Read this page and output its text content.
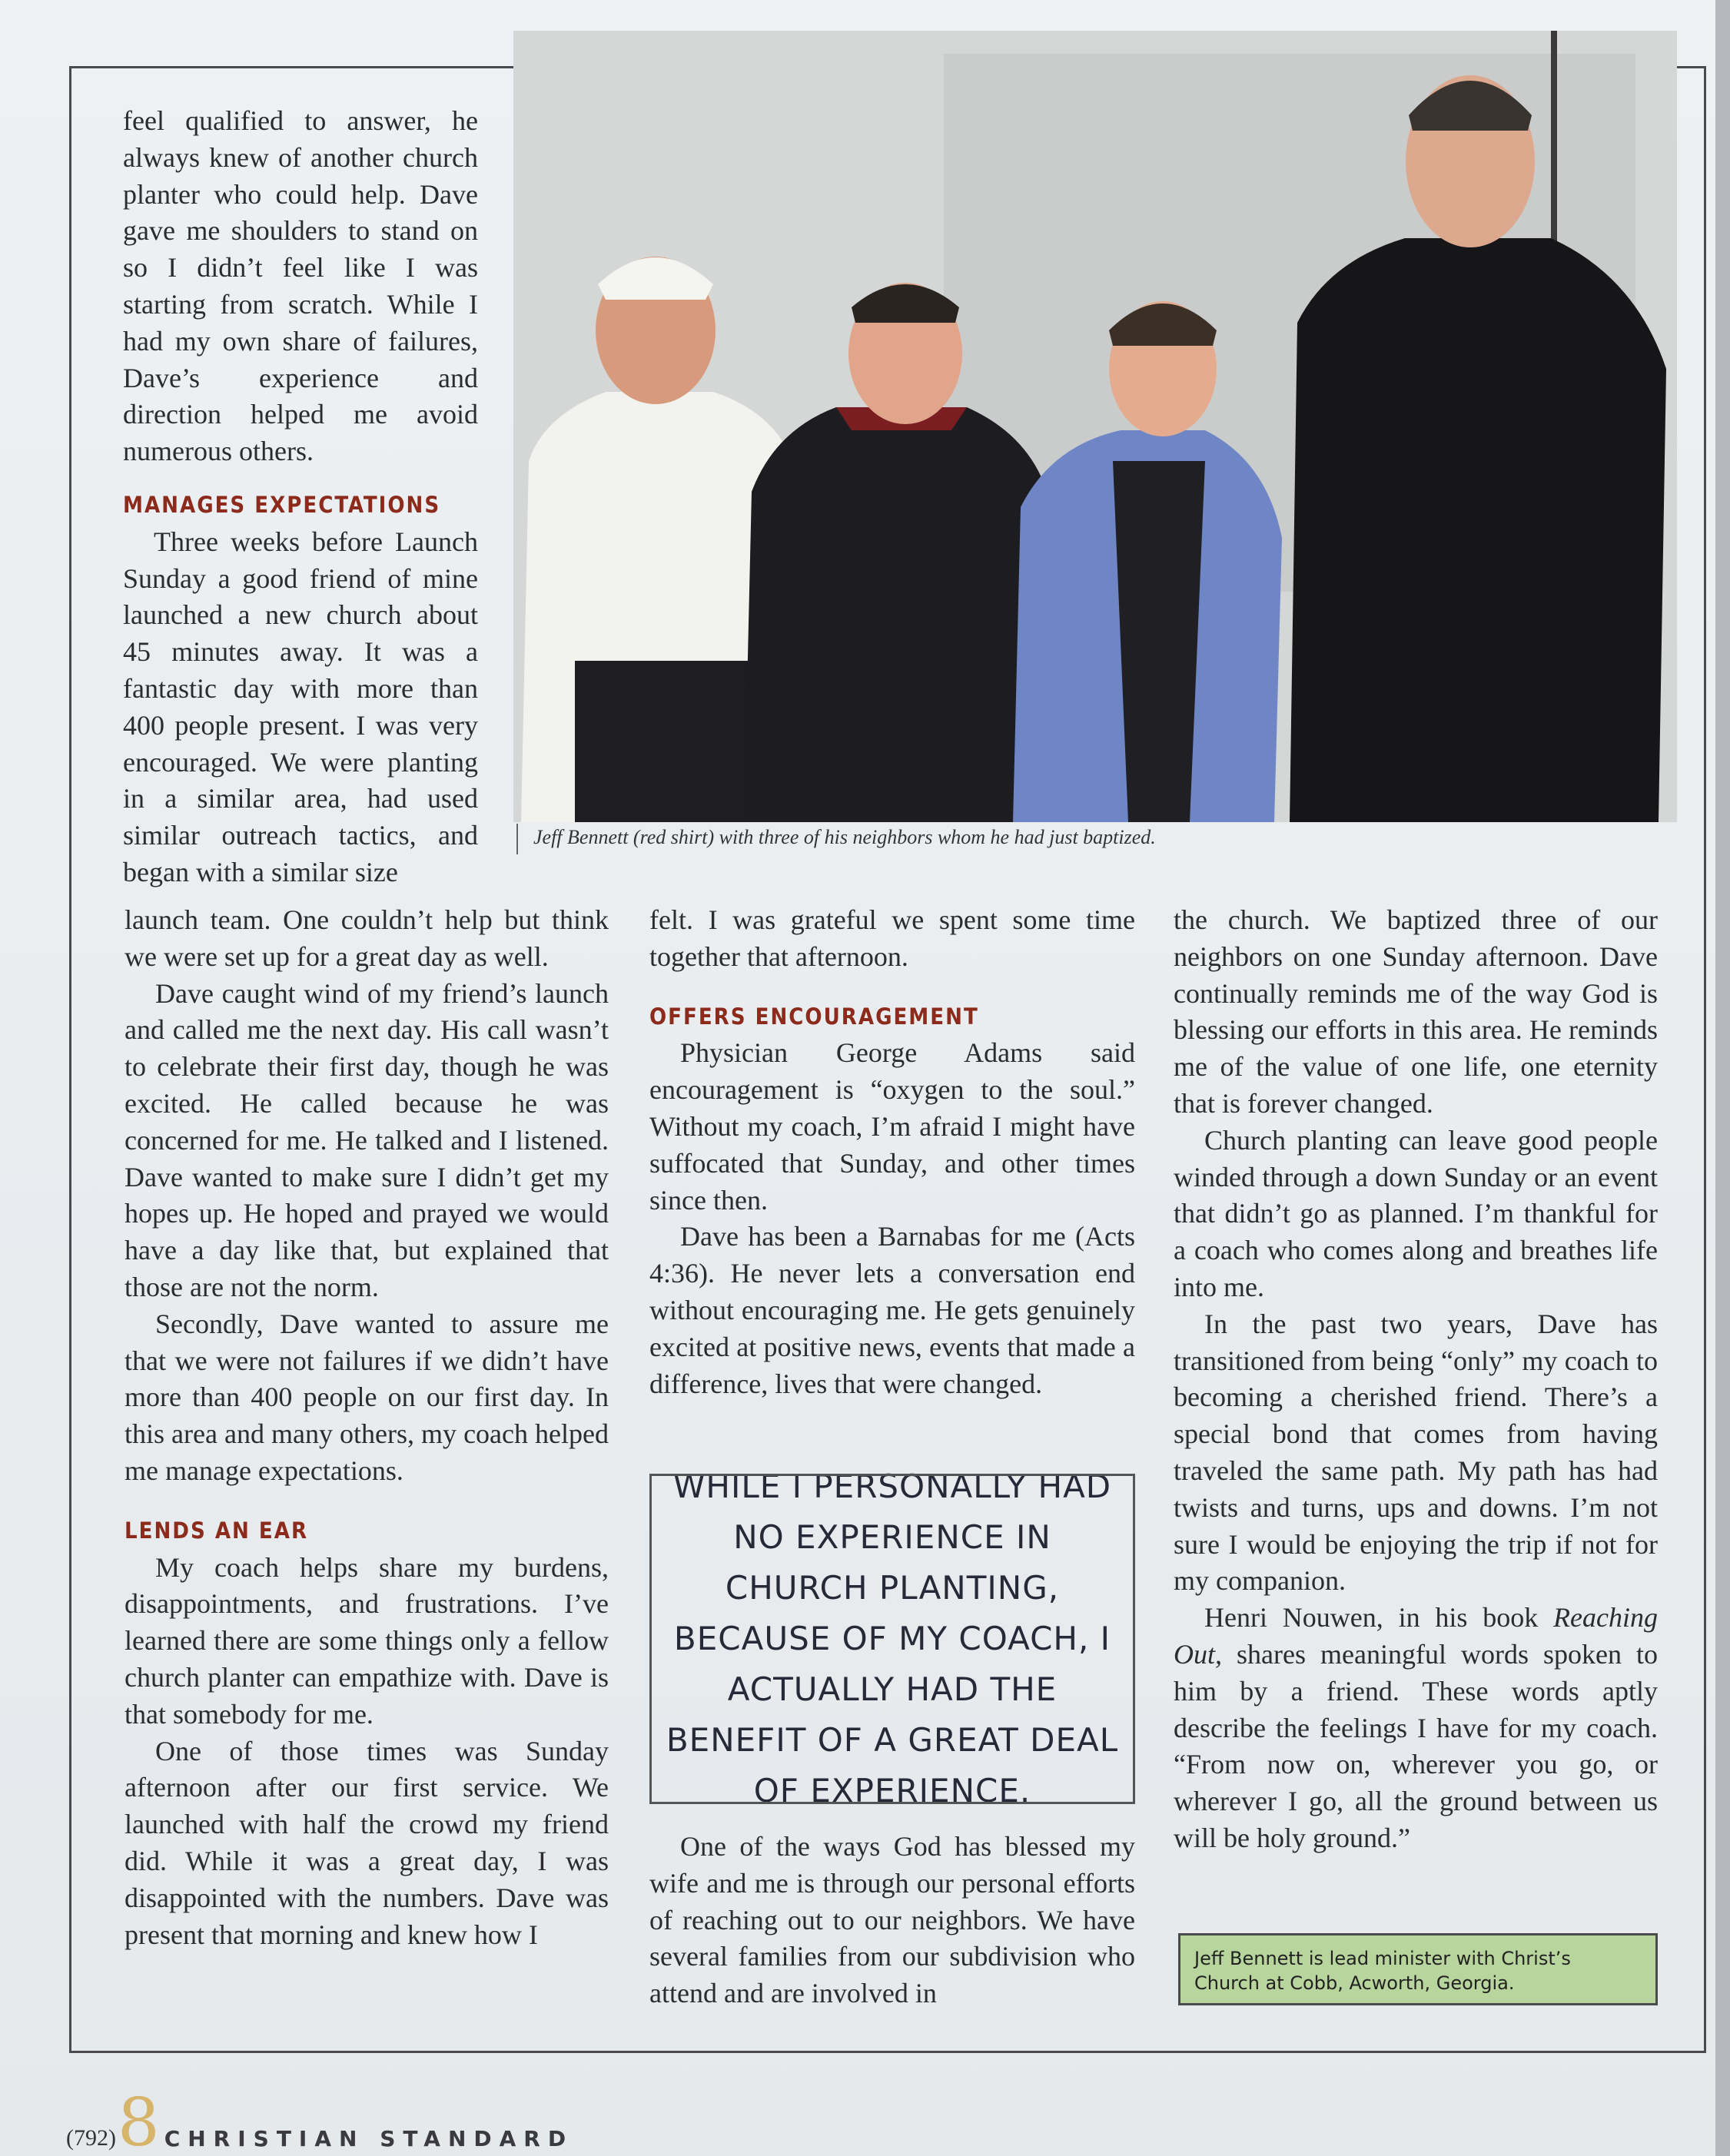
Jeff Bennett (red shirt) with three of his neighbors whom he had just baptized.

feel qualified to answer, he always knew of another church planter who could help. Dave gave me shoulders to stand on so I didn’t feel like I was starting from scratch. While I had my own share of failures, Dave’s experience and direction helped me avoid numerous others.

MANAGES EXPECTATIONS

Three weeks before Launch Sunday a good friend of mine launched a new church about 45 minutes away. It was a fantastic day with more than 400 people present. I was very encouraged. We were planting in a similar area, had used similar outreach tactics, and began with a similar size

launch team. One couldn’t help but think we were set up for a great day as well.

Dave caught wind of my friend’s launch and called me the next day. His call wasn’t to celebrate their first day, though he was excited. He called because he was concerned for me. He talked and I listened. Dave wanted to make sure I didn’t get my hopes up. He hoped and prayed we would have a day like that, but explained that those are not the norm.

Secondly, Dave wanted to assure me that we were not failures if we didn’t have more than 400 people on our first day. In this area and many others, my coach helped me manage expectations.

LENDS AN EAR

My coach helps share my burdens, disappointments, and frustrations. I’ve learned there are some things only a fellow church planter can empathize with. Dave is that somebody for me.

One of those times was Sunday afternoon after our first service. We launched with half the crowd my friend did. While it was a great day, I was disappointed with the numbers. Dave was present that morning and knew how I

felt. I was grateful we spent some time together that afternoon.

OFFERS ENCOURAGEMENT

Physician George Adams said encouragement is “oxygen to the soul.” Without my coach, I’m afraid I might have suffocated that Sunday, and other times since then.

Dave has been a Barnabas for me (Acts 4:36). He never lets a conversation end without encouraging me. He gets genuinely excited at positive news, events that made a difference, lives that were changed.

WHILE I PERSONALLY HAD NO EXPERIENCE IN CHURCH PLANTING, BECAUSE OF MY COACH, I ACTUALLY HAD THE BENEFIT OF A GREAT DEAL OF EXPERIENCE.

One of the ways God has blessed my wife and me is through our personal efforts of reaching out to our neighbors. We have several families from our subdivision who attend and are involved in

the church. We baptized three of our neighbors on one Sunday afternoon. Dave continually reminds me of the way God is blessing our efforts in this area. He reminds me of the value of one life, one eternity that is forever changed.

Church planting can leave good people winded through a down Sunday or an event that didn’t go as planned. I’m thankful for a coach who comes along and breathes life into me.

In the past two years, Dave has transitioned from being “only” my coach to becoming a cherished friend. There’s a special bond that comes from having traveled the same path. My path has had twists and turns, ups and downs. I’m not sure I would be enjoying the trip if not for my companion.

Henri Nouwen, in his book Reaching Out, shares meaningful words spoken to him by a friend. These words aptly describe the feelings I have for my coach. “From now on, wherever you go, or wherever I go, all the ground between us will be holy ground.”

Jeff Bennett is lead minister with Christ’s Church at Cobb, Acworth, Georgia.
(792) 8 CHRISTIAN STANDARD
